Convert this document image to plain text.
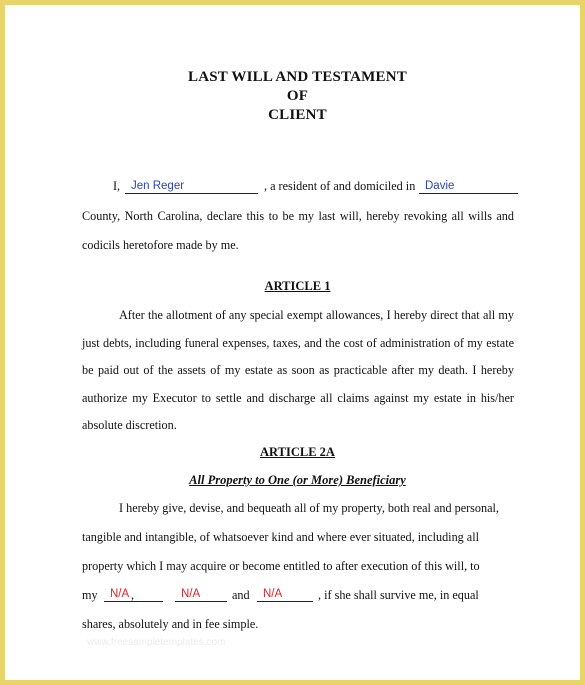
LAST WILL AND TESTAMENT
OF
CLIENT
I, Jen Reger	, a resident of and domiciled in Davie
County, North Carolina, declare this to be my last will, hereby revoking all wills and
codicils heretofore made by me.
ARTICLE 1
After the allotment of any special exempt allowances, I hereby direct that all my
just debts, including funeral expenses, taxes, and the cost of administration of my estate
be paid out of the assets of my estate as soon as practicable after my death. I hereby
authorize my Executor to settle and discharge all claims against my estate in his/her
absolute discretion.
ARTICLE 2A
All Property to One (or More) Beneficiary
I hereby give, devise, and bequeath all of my property, both real and personal,
tangible and intangible, of whatsoever kind and where ever situated, including all
property which I may acquire or become entitled to after execution of this will, to
my	N/A ,	N/A	and	N/A	, if she shall survive me, in equal
shares, absolutely and in fee simple.
www.freesampletemplates.com
